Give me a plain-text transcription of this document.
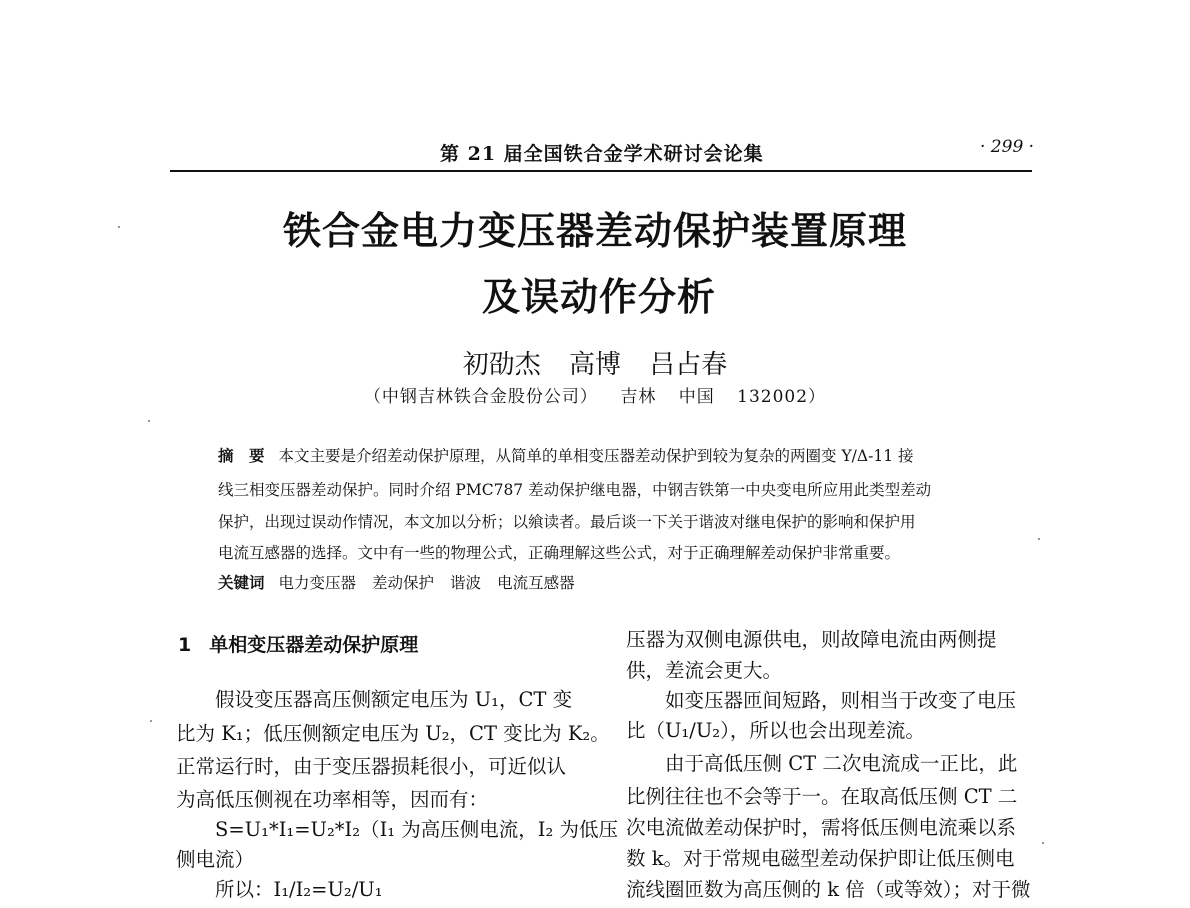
第 21 届全国铁合金学术研讨会论集	· 299 ·
铁合金电力变压器差动保护装置原理
及误动作分析
初劭杰 高博 吕占春
（中钢吉林铁合金股份公司） 吉林 中国 132002）
摘　要 本文主要是介绍差动保护原理，从简单的单相变压器差动保护到较为复杂的两圈变 Y/Δ-11 接
线三相变压器差动保护。同时介绍 PMC787 差动保护继电器，中钢吉铁第一中央变电所应用此类型差动
保护，出现过误动作情况，本文加以分析；以飨读者。最后谈一下关于谐波对继电保护的影响和保护用
电流互感器的选择。文中有一些的物理公式，正确理解这些公式，对于正确理解差动保护非常重要。
关键词 电力变压器 差动保护 谐波 电流互感器
1 单相变压器差动保护原理
　　假设变压器高压侧额定电压为 U₁，CT 变
比为 K₁；低压侧额定电压为 U₂，CT 变比为 K₂。
正常运行时，由于变压器损耗很小，可近似认
为高低压侧视在功率相等，因而有：
　　S=U₁*I₁=U₂*I₂（I₁ 为高压侧电流，I₂ 为低压
侧电流）
　　所以：I₁/I₂=U₂/U₁
压器为双侧电源供电，则故障电流由两侧提
供，差流会更大。
　　如变压器匝间短路，则相当于改变了电压
比（U₁/U₂），所以也会出现差流。
　　由于高低压侧 CT 二次电流成一正比，此
比例往往也不会等于一。在取高低压侧 CT 二
次电流做差动保护时，需将低压侧电流乘以系
数 k。对于常规电磁型差动保护即让低压侧电
流线圈匝数为高压侧的 k 倍（或等效）；对于微
